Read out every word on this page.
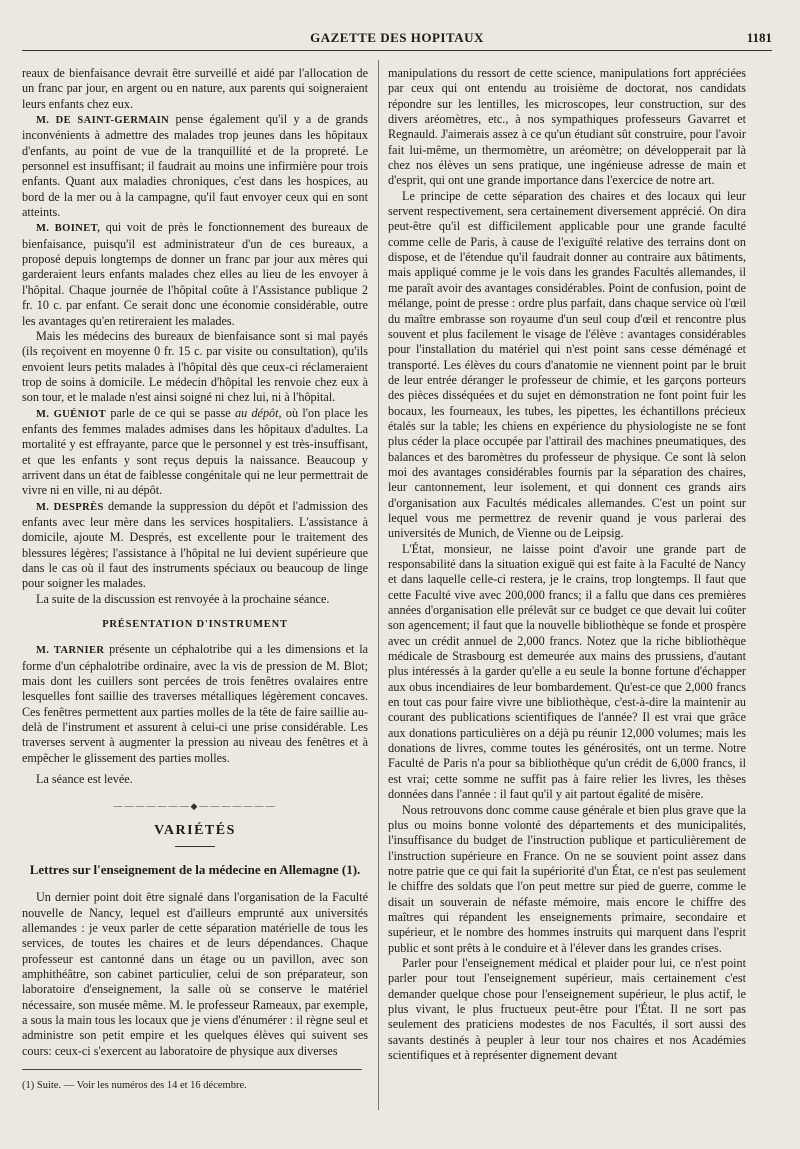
GAZETTE DES HOPITAUX	1181

reaux de bienfaisance devrait être surveillé et aidé par l'allocation de un franc par jour, en argent ou en nature, aux parents qui soigneraient leurs enfants chez eux.

M. DE SAINT-GERMAIN pense également qu'il y a de grands inconvénients à admettre des malades trop jeunes dans les hôpitaux d'enfants, au point de vue de la tranquillité et de la propreté. Le personnel est insuffisant; il faudrait au moins une infirmière pour trois enfants. Quant aux maladies chroniques, c'est dans les hospices, au bord de la mer ou à la campagne, qu'il faut envoyer ceux qui en sont atteints.

M. BOINET, qui voit de près le fonctionnement des bureaux de bienfaisance, puisqu'il est administrateur d'un de ces bureaux, a proposé depuis longtemps de donner un franc par jour aux mères qui garderaient leurs enfants malades chez elles au lieu de les envoyer à l'hôpital. Chaque journée de l'hôpital coûte à l'Assistance publique 2 fr. 10 c. par enfant. Ce serait donc une économie considérable, outre les avantages qu'en retireraient les malades.

Mais les médecins des bureaux de bienfaisance sont si mal payés (ils reçoivent en moyenne 0 fr. 15 c. par visite ou consultation), qu'ils envoient leurs petits malades à l'hôpital dès que ceux-ci réclameraient trop de soins à domicile. Le médecin d'hôpital les renvoie chez eux à son tour, et le malade n'est ainsi soigné ni chez lui, ni à l'hôpital.

M. GUÉNIOT parle de ce qui se passe au dépôt, où l'on place les enfants des femmes malades admises dans les hôpitaux d'adultes. La mortalité y est effrayante, parce que le personnel y est très-insuffisant, et que les enfants y sont reçus depuis la naissance. Beaucoup y arrivent dans un état de faiblesse congénitale qui ne leur permettrait de vivre ni en ville, ni au dépôt.

M. DESPRÈS demande la suppression du dépôt et l'admission des enfants avec leur mère dans les services hospitaliers. L'assistance à domicile, ajoute M. Després, est excellente pour le traitement des blessures légères; l'assistance à l'hôpital ne lui devient supérieure que dans le cas où il faut des instruments spéciaux ou beaucoup de linge pour soigner les malades.

La suite de la discussion est renvoyée à la prochaine séance.

PRÉSENTATION D'INSTRUMENT

M. TARNIER présente un céphalotribe qui a les dimensions et la forme d'un céphalotribe ordinaire, avec la vis de pression de M. Blot; mais dont les cuillers sont percées de trois fenêtres ovalaires entre lesquelles font saillie des traverses métalliques légèrement concaves. Ces fenêtres permettent aux parties molles de la tête de faire saillie au-delà de l'instrument et assurent à celui-ci une prise considérable. Les traverses servent à augmenter la pression au niveau des fenêtres et à empêcher le glissement des parties molles.

La séance est levée.

———————◆———————
VARIÉTÉS
Lettres sur l'enseignement de la médecine en Allemagne (1).

Un dernier point doit être signalé dans l'organisation de la Faculté nouvelle de Nancy, lequel est d'ailleurs emprunté aux universités allemandes : je veux parler de cette séparation matérielle de tous les services, de toutes les chaires et de leurs dépendances. Chaque professeur est cantonné dans un étage ou un pavillon, avec son amphithéâtre, son cabinet particulier, celui de son préparateur, son laboratoire d'enseignement, la salle où se conserve le matériel nécessaire, son musée même. M. le professeur Rameaux, par exemple, a sous la main tous les locaux que je viens d'énumérer : il règne seul et administre son petit empire et les quelques élèves qui suivent ses cours: ceux-ci s'exercent au laboratoire de physique aux diverses

(1) Suite. — Voir les numéros des 14 et 16 décembre.

manipulations du ressort de cette science, manipulations fort appréciées par ceux qui ont entendu au troisième de doctorat, nos candidats répondre sur les lentilles, les microscopes, leur construction, sur des divers aréomètres, etc., à nos sympathiques professeurs Gavarret et Regnauld. J'aimerais assez à ce qu'un étudiant sût construire, pour l'avoir fait lui-même, un thermomètre, un aréomètre; on développerait par là chez nos élèves un sens pratique, une ingénieuse adresse de main et d'esprit, qui ont une grande importance dans l'exercice de notre art.

Le principe de cette séparation des chaires et des locaux qui leur servent respectivement, sera certainement diversement apprécié. On dira peut-être qu'il est difficilement applicable pour une grande faculté comme celle de Paris, à cause de l'exiguïté relative des terrains dont on dispose, et de l'étendue qu'il faudrait donner au contraire aux bâtiments, mais appliqué comme je le vois dans les grandes Facultés allemandes, il me paraît avoir des avantages considérables. Point de confusion, point de mélange, point de presse : ordre plus parfait, dans chaque service où l'œil du maître embrasse son royaume d'un seul coup d'œil et rencontre plus souvent et plus facilement le visage de l'élève : avantages considérables pour l'installation du matériel qui n'est point sans cesse déménagé et transporté. Les élèves du cours d'anatomie ne viennent point par le bruit de leur entrée déranger le professeur de chimie, et les garçons porteurs des pièces disséquées et du sujet en démonstration ne font point fuir les bocaux, les fourneaux, les tubes, les pipettes, les échantillons précieux étalés sur la table; les chiens en expérience du physiologiste ne se font plus céder la place occupée par l'attirail des machines pneumatiques, des balances et des baromètres du professeur de physique. Ce sont là selon moi des avantages considérables fournis par la séparation des chaires, leur cantonnement, leur isolement, et qui donnent ces grands airs d'organisation aux Facultés médicales allemandes. C'est un point sur lequel vous me permettrez de revenir quand je vous parlerai des universités de Munich, de Vienne ou de Leipsig.

L'État, monsieur, ne laisse point d'avoir une grande part de responsabilité dans la situation exiguë qui est faite à la Faculté de Nancy et dans laquelle celle-ci restera, je le crains, trop longtemps. Il faut que cette Faculté vive avec 200,000 francs; il a fallu que dans ces premières années d'organisation elle prélevât sur ce budget ce que devait lui coûter son agencement; il faut que la nouvelle bibliothèque se fonde et prospère avec un crédit annuel de 2,000 francs. Notez que la riche bibliothèque médicale de Strasbourg est demeurée aux mains des prussiens, d'autant plus intéressés à la garder qu'elle a eu seule la bonne fortune d'échapper aux obus incendiaires de leur bombardement. Qu'est-ce que 2,000 francs en tout cas pour faire vivre une bibliothèque, c'est-à-dire la maintenir au courant des publications scientifiques de l'année? Il est vrai que grâce aux donations particulières on a déjà pu réunir 12,000 volumes; mais les donations de livres, comme toutes les générosités, ont un terme. Notre Faculté de Paris n'a pour sa bibliothèque qu'un crédit de 6,000 francs, il est vrai; cette somme ne suffit pas à faire relier les livres, les thèses données dans l'année : il faut qu'il y ait partout égalité de misère.

Nous retrouvons donc comme cause générale et bien plus grave que la plus ou moins bonne volonté des départements et des municipalités, l'insuffisance du budget de l'instruction publique et particulièrement de l'instruction supérieure en France. On ne se souvient point assez dans notre patrie que ce qui fait la supériorité d'un État, ce n'est pas seulement le chiffre des soldats que l'on peut mettre sur pied de guerre, comme le disait un souverain de néfaste mémoire, mais encore le chiffre des maîtres qui répandent les enseignements primaire, secondaire et supérieur, et le nombre des hommes instruits qui marquent dans l'esprit public et sont prêts à le conduire et à l'élever dans les grandes crises.

Parler pour l'enseignement médical et plaider pour lui, ce n'est point parler pour tout l'enseignement supérieur, mais certainement c'est demander quelque chose pour l'enseignement supérieur, le plus actif, le plus vivant, le plus fructueux peut-être pour l'État. Il ne sort pas seulement des praticiens modestes de nos Facultés, il sort aussi des savants destinés à peupler à leur tour nos chaires et nos Académies scientifiques et à représenter dignement devant
